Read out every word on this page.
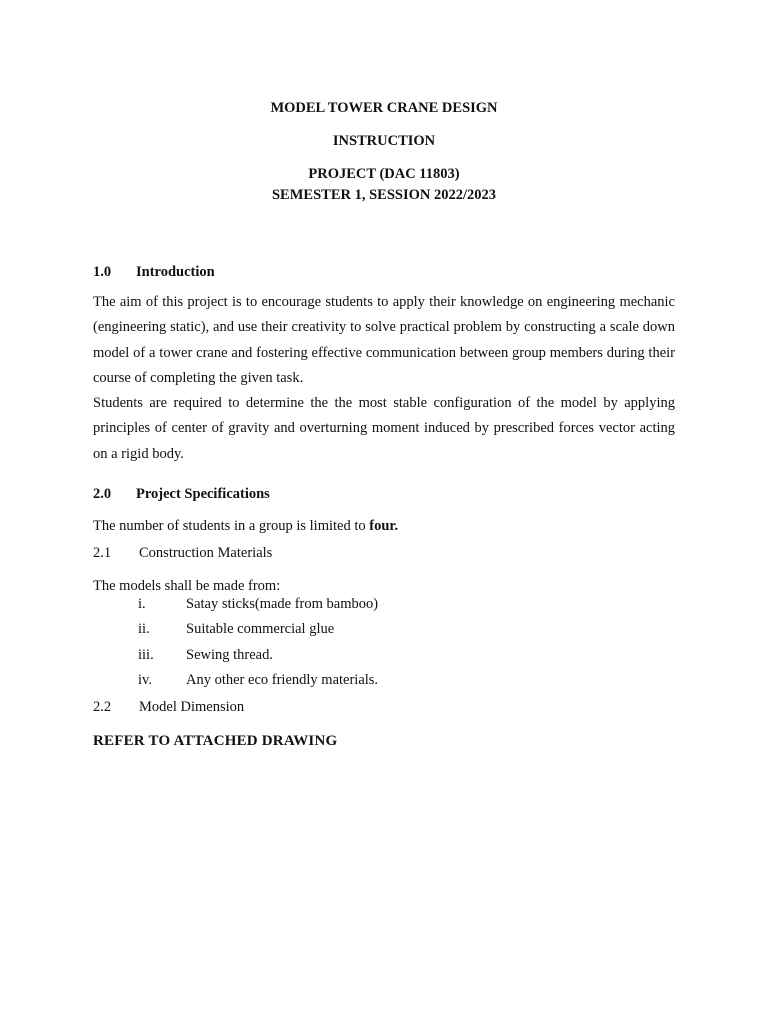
MODEL TOWER CRANE DESIGN

INSTRUCTION

PROJECT (DAC 11803)

SEMESTER 1, SESSION 2022/2023

1.0 Introduction

The aim of this project is to encourage students to apply their knowledge on engineering mechanic (engineering static), and use their creativity to solve practical problem by constructing a scale down model of a tower crane and fostering effective communication between group members during their course of completing the given task.

Students are required to determine the the most stable configuration of the model by applying principles of center of gravity and overturning moment induced by prescribed forces vector acting on a rigid body.

2.0 Project Specifications

The number of students in a group is limited to four.

2.1 Construction Materials

The models shall be made from:

i.	Satay sticks(made from bamboo)
ii.	Suitable commercial glue
iii. Sewing thread.
iv. Any other eco friendly materials.

2.2 Model Dimension

REFER TO ATTACHED DRAWING
